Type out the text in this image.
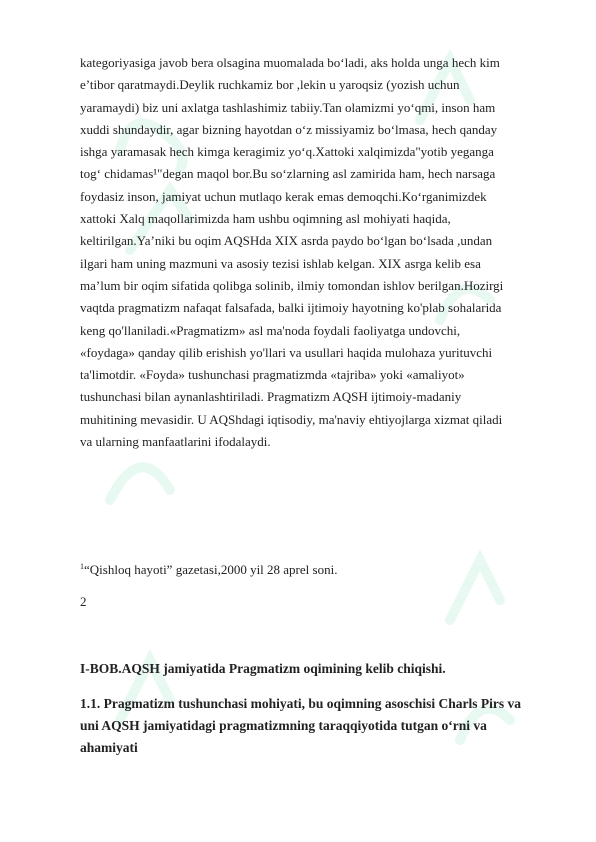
kategoriyasiga javob bera olsagina muomalada bo‘ladi, aks holda unga hech kim
e’tibor qaratmaydi.Deylik ruchkamiz bor ,lekin u yaroqsiz (yozish uchun
yaramaydi) biz uni axlatga tashlashimiz tabiiy.Tan olamizmi yo‘qmi, inson ham
xuddi shundaydir, agar bizning hayotdan o‘z missiyamiz bo‘lmasa, hech qanday
ishga yaramasak hech kimga keragimiz yo‘q.Xattoki xalqimizda"yotib yeganga
tog‘ chidamas¹"degan maqol bor.Bu so‘zlarning asl zamirida ham, hech narsaga
foydasiz inson, jamiyat uchun mutlaqo kerak emas demoqchi.Ko‘rganimizdek
xattoki Xalq maqollarimizda ham ushbu oqimning asl mohiyati haqida,
keltirilgan.Ya’niki bu oqim AQSHda XIX asrda paydo bo‘lgan bo‘lsada ,undan
ilgari ham uning mazmuni va asosiy tezisi ishlab kelgan. XIX asrga kelib esa
ma’lum bir oqim sifatida qolibga solinib, ilmiy tomondan ishlov berilgan.Hozirgi
vaqtda pragmatizm nafaqat falsafada, balki ijtimoiy hayotning ko'plab sohalarida
keng qo'llaniladi.«Pragmatizm» asl ma'noda foydali faoliyatga undovchi,
«foydaga» qanday qilib erishish yo'llari va usullari haqida mulohaza yurituvchi
ta'limotdir. «Foyda» tushunchasi pragmatizmda «tajriba» yoki «amaliyot»
tushunchasi bilan aynanlashtiriladi. Pragmatizm AQSH ijtimoiy-madaniy
muhitining mevasidir. U AQShdagi iqtisodiy, ma'naviy ehtiyojlarga xizmat qiladi
va ularning manfaatlarini ifodalaydi.
$^1$“Qishloq hayoti” gazetasi,2000 yil 28 aprel soni.
2
I-BOB.AQSH jamiyatida Pragmatizm oqimining kelib chiqishi.
1.1. Pragmatizm tushunchasi mohiyati, bu oqimning asoschisi Charls Pirs va
uni AQSH jamiyatidagi pragmatizmning taraqqiyotida tutgan o‘rni va
ahamiyati
